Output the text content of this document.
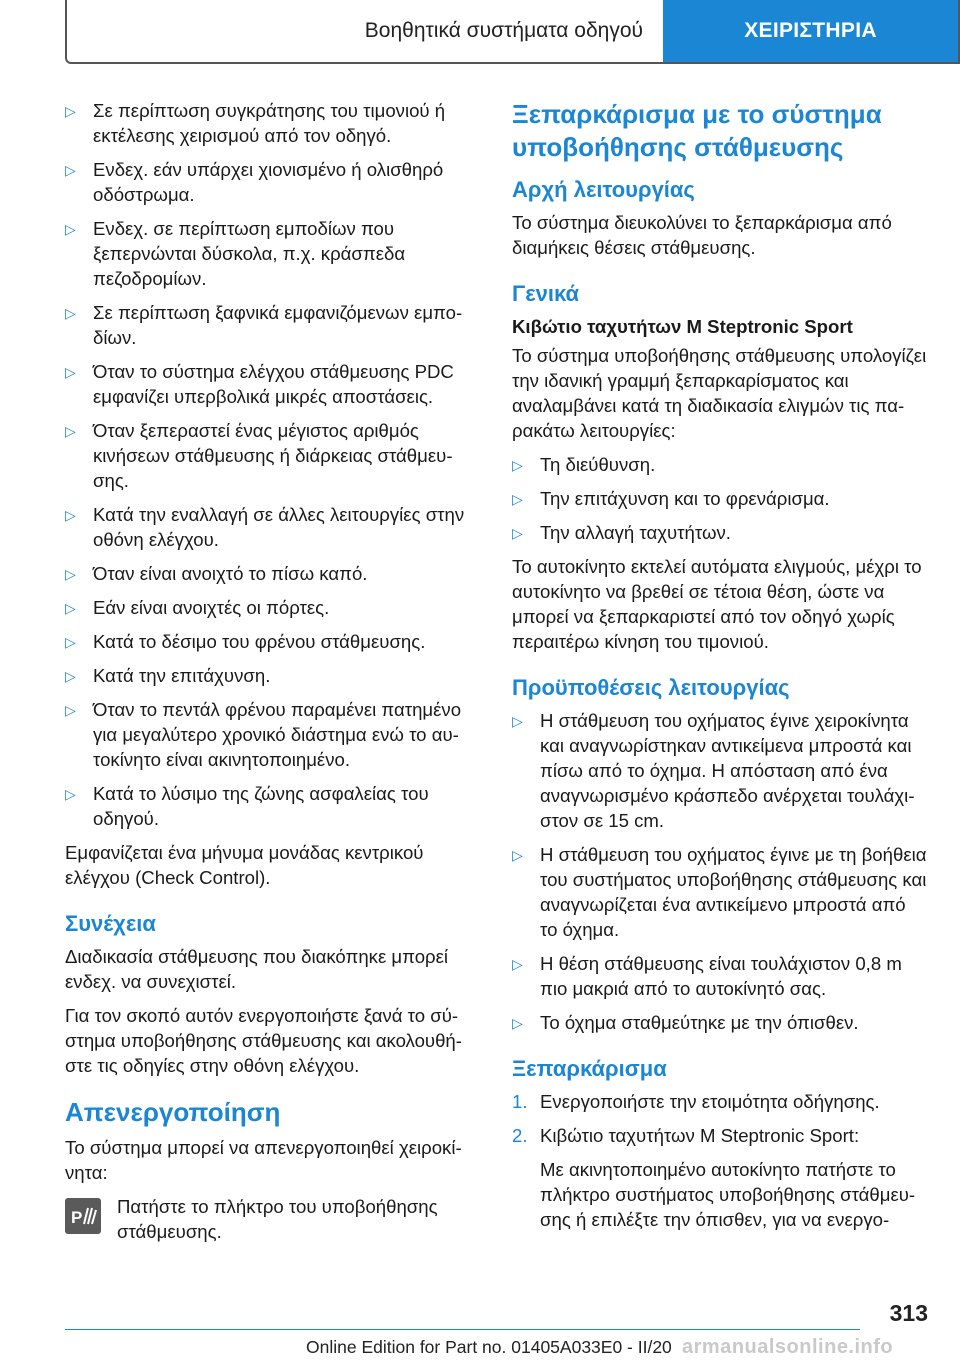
Βοηθητικά συστήματα οδηγού	ΧΕΙΡΙΣΤΗΡΙΑ
▷ Σε περίπτωση συγκράτησης του τιμονιού ή εκτέλεσης χειρισμού από τον οδηγό.
▷ Ενδεχ. εάν υπάρχει χιονισμένο ή ολισθηρό οδόστρωμα.
▷ Ενδεχ. σε περίπτωση εμποδίων που ξεπερνώνται δύσκολα, π.χ. κράσπεδα πεζοδρομίων.
▷ Σε περίπτωση ξαφνικά εμφανιζόμενων εμποδίων.
▷ Όταν το σύστημα ελέγχου στάθμευσης PDC εμφανίζει υπερβολικά μικρές αποστάσεις.
▷ Όταν ξεπεραστεί ένας μέγιστος αριθμός κινήσεων στάθμευσης ή διάρκειας στάθμευσης.
▷ Κατά την εναλλαγή σε άλλες λειτουργίες στην οθόνη ελέγχου.
▷ Όταν είναι ανοιχτό το πίσω καπό.
▷ Εάν είναι ανοιχτές οι πόρτες.
▷ Κατά το δέσιμο του φρένου στάθμευσης.
▷ Κατά την επιτάχυνση.
▷ Όταν το πεντάλ φρένου παραμένει πατημένο για μεγαλύτερο χρονικό διάστημα ενώ το αυτοκίνητο είναι ακινητοποιημένο.
▷ Κατά το λύσιμο της ζώνης ασφαλείας του οδηγού.

Εμφανίζεται ένα μήνυμα μονάδας κεντρικού ελέγχου (Check Control).

Συνέχεια

Διαδικασία στάθμευσης που διακόπηκε μπορεί ενδεχ. να συνεχιστεί.

Για τον σκοπό αυτόν ενεργοποιήστε ξανά το σύστημα υποβοήθησης στάθμευσης και ακολουθήστε τις οδηγίες στην οθόνη ελέγχου.

Απενεργοποίηση

Το σύστημα μπορεί να απενεργοποιηθεί χειροκίνητα:

P
Πατήστε το πλήκτρο του υποβοήθησης στάθμευσης.
Ξεπαρκάρισμα με το σύστημα υποβοήθησης στάθμευσης
Αρχή λειτουργίας

Το σύστημα διευκολύνει το ξεπαρκάρισμα από διαμήκεις θέσεις στάθμευσης.

Γενικά
Κιβώτιο ταχυτήτων M Steptronic Sport

Το σύστημα υποβοήθησης στάθμευσης υπολογίζει την ιδανική γραμμή ξεπαρκαρίσματος και αναλαμβάνει κατά τη διαδικασία ελιγμών τις παρακάτω λειτουργίες:

▷ Τη διεύθυνση.
▷ Την επιτάχυνση και το φρενάρισμα.
▷ Την αλλαγή ταχυτήτων.

Το αυτοκίνητο εκτελεί αυτόματα ελιγμούς, μέχρι το αυτοκίνητο να βρεθεί σε τέτοια θέση, ώστε να μπορεί να ξεπαρκαριστεί από τον οδηγό χωρίς περαιτέρω κίνηση του τιμονιού.

Προϋποθέσεις λειτουργίας
▷ Η στάθμευση του οχήματος έγινε χειροκίνητα και αναγνωρίστηκαν αντικείμενα μπροστά και πίσω από το όχημα. Η απόσταση από ένα αναγνωρισμένο κράσπεδο ανέρχεται τουλάχιστον σε 15 cm.
▷ Η στάθμευση του οχήματος έγινε με τη βοήθεια του συστήματος υποβοήθησης στάθμευσης και αναγνωρίζεται ένα αντικείμενο μπροστά από το όχημα.
▷ Η θέση στάθμευσης είναι τουλάχιστον 0,8 m πιο μακριά από το αυτοκίνητό σας.
▷ Το όχημα σταθμεύτηκε με την όπισθεν.
Ξεπαρκάρισμα
1. Ενεργοποιήστε την ετοιμότητα οδήγησης.
2. Κιβώτιο ταχυτήτων M Steptronic Sport:

Με ακινητοποιημένο αυτοκίνητο πατήστε το πλήκτρο συστήματος υποβοήθησης στάθμευσης ή επιλέξτε την όπισθεν, για να ενεργο-

313
Online Edition for Part no. 01405A033E0 - II/20 armanualsonline.info
